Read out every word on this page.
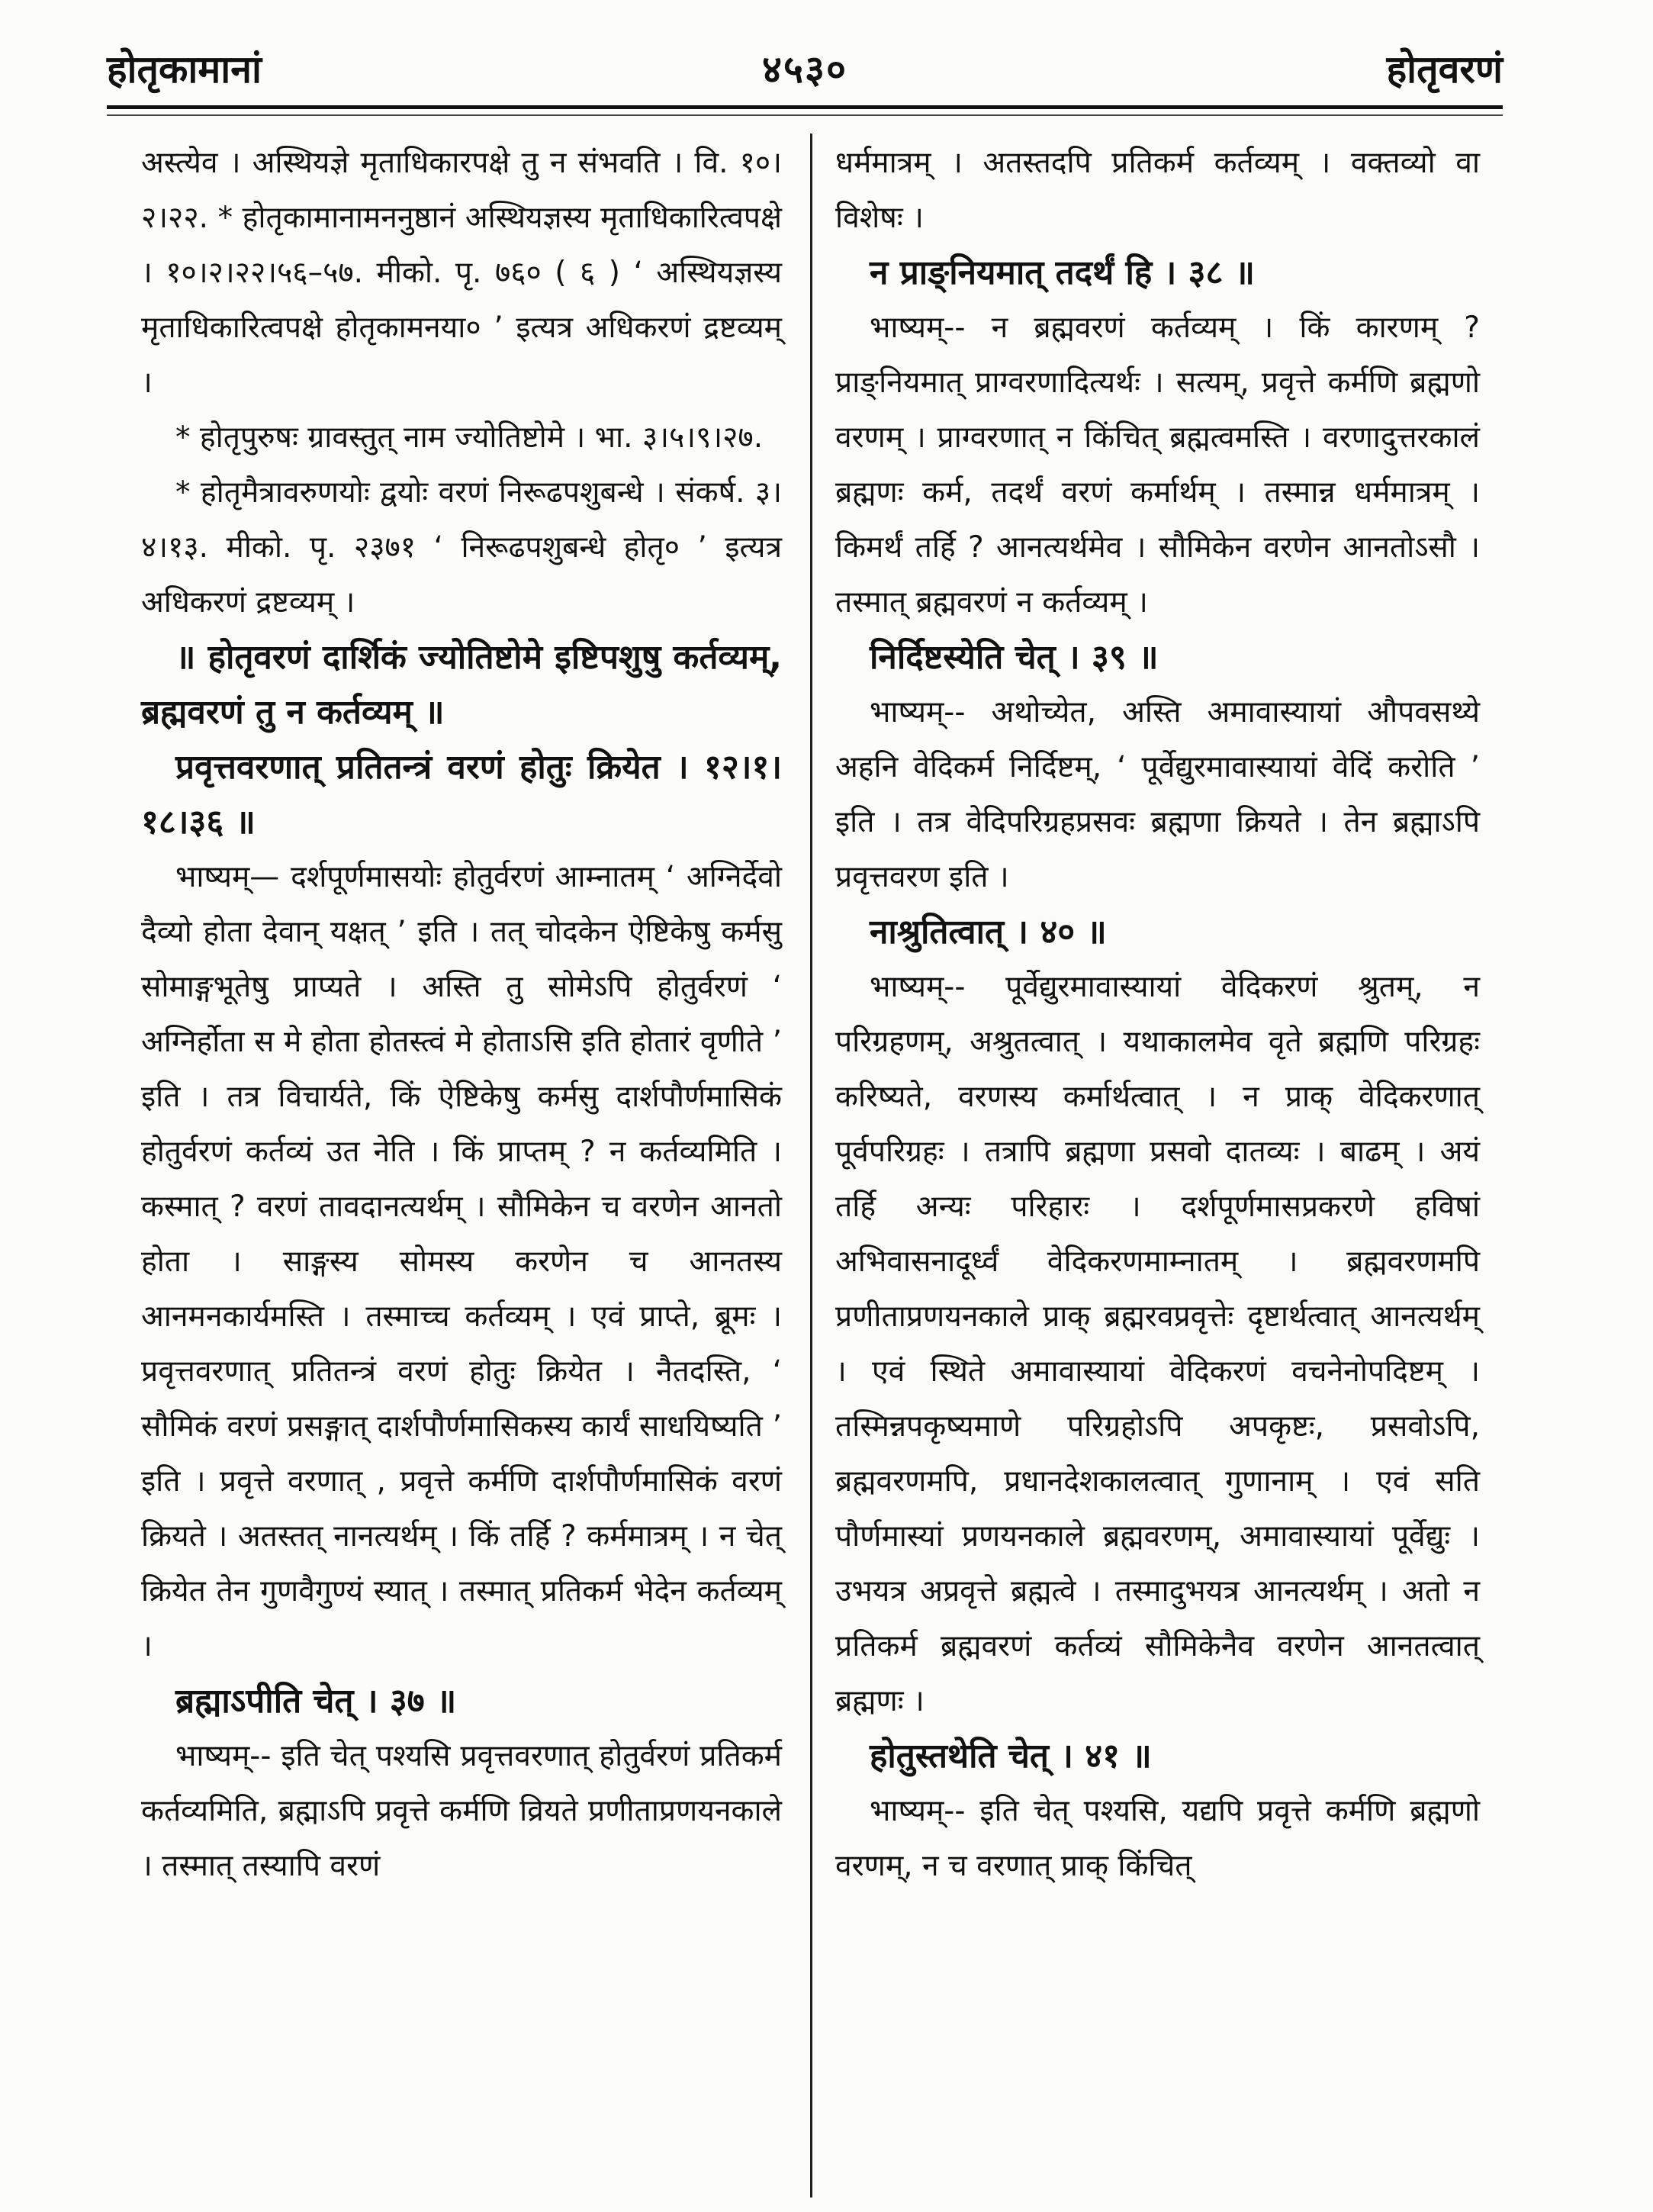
होतृकामानां	४५३०	होतृवरणं

अस्त्येव । अस्थियज्ञे मृताधिकारपक्षे तु न संभवति । वि. १०।२।२२. * होतृकामानामननुष्ठानं अस्थियज्ञस्य मृताधिकारित्वपक्षे । १०।२।२२।५६–५७. मीको. पृ. ७६० ( ६ ) ‘ अस्थियज्ञस्य मृताधिकारित्वपक्षे होतृकामनया० ’ इत्यत्र अधिकरणं द्रष्टव्यम् ।

* होतृपुरुषः ग्रावस्तुत् नाम ज्योतिष्टोमे । भा. ३।५।९।२७.

* होतृमैत्रावरुणयोः द्वयोः वरणं निरूढपशुबन्धे । संकर्ष. ३।४।१३. मीको. पृ. २३७१ ‘ निरूढपशुबन्धे होतृ० ’ इत्यत्र अधिकरणं द्रष्टव्यम् ।

॥ होतृवरणं दार्शिकं ज्योतिष्टोमे इष्टिपशुषु कर्तव्यम्, ब्रह्मवरणं तु न कर्तव्यम् ॥

प्रवृत्तवरणात् प्रतितन्त्रं वरणं होतुः क्रियेत । १२।१।१८।३६ ॥

भाष्यम्— दर्शपूर्णमासयोः होतुर्वरणं आम्नातम् ‘ अग्निर्देवो दैव्यो होता देवान् यक्षत् ’ इति । तत् चोदकेन ऐष्टिकेषु कर्मसु सोमाङ्गभूतेषु प्राप्यते । अस्ति तु सोमेऽपि होतुर्वरणं ‘ अग्निर्होता स मे होता होतस्त्वं मे होताऽसि इति होतारं वृणीते ’ इति । तत्र विचार्यते, किं ऐष्टिकेषु कर्मसु दार्शपौर्णमासिकं होतुर्वरणं कर्तव्यं उत नेति । किं प्राप्तम् ? न कर्तव्यमिति । कस्मात् ? वरणं तावदानत्यर्थम् । सौमिकेन च वरणेन आनतो होता । साङ्गस्य सोमस्य करणेन च आनतस्य आनमनकार्यमस्ति । तस्माच्च कर्तव्यम् । एवं प्राप्ते, ब्रूमः । प्रवृत्तवरणात् प्रतितन्त्रं वरणं होतुः क्रियेत । नैतदस्ति, ‘ सौमिकं वरणं प्रसङ्गात् दार्शपौर्णमासिकस्य कार्यं साधयिष्यति ’ इति । प्रवृत्ते वरणात् , प्रवृत्ते कर्मणि दार्शपौर्णमासिकं वरणं क्रियते । अतस्तत् नानत्यर्थम् । किं तर्हि ? कर्ममात्रम् । न चेत् क्रियेत तेन गुणवैगुण्यं स्यात् । तस्मात् प्रतिकर्म भेदेन कर्तव्यम् ।

ब्रह्माऽपीति चेत् । ३७ ॥

भाष्यम्-- इति चेत् पश्यसि प्रवृत्तवरणात् होतुर्वरणं प्रतिकर्म कर्तव्यमिति, ब्रह्माऽपि प्रवृत्ते कर्मणि व्रियते प्रणीताप्रणयनकाले । तस्मात् तस्यापि वरणं

धर्ममात्रम् । अतस्तदपि प्रतिकर्म कर्तव्यम् । वक्तव्यो वा विशेषः ।

न प्राङ्नियमात् तदर्थं हि । ३८ ॥

भाष्यम्-- न ब्रह्मवरणं कर्तव्यम् । किं कारणम् ? प्राङ्नियमात् प्राग्वरणादित्यर्थः । सत्यम्, प्रवृत्ते कर्मणि ब्रह्मणो वरणम् । प्राग्वरणात् न किंचित् ब्रह्मत्वमस्ति । वरणादुत्तरकालं ब्रह्मणः कर्म, तदर्थं वरणं कर्मार्थम् । तस्मान्न धर्ममात्रम् । किमर्थं तर्हि ? आनत्यर्थमेव । सौमिकेन वरणेन आनतोऽसौ । तस्मात् ब्रह्मवरणं न कर्तव्यम् ।

निर्दिष्टस्येति चेत् । ३९ ॥

भाष्यम्-- अथोच्येत, अस्ति अमावास्यायां औपवसथ्ये अहनि वेदिकर्म निर्दिष्टम्, ‘ पूर्वेद्युरमावास्यायां वेदिं करोति ’ इति । तत्र वेदिपरिग्रहप्रसवः ब्रह्मणा क्रियते । तेन ब्रह्माऽपि प्रवृत्तवरण इति ।

नाश्रुतित्वात् । ४० ॥

भाष्यम्-- पूर्वेद्युरमावास्यायां वेदिकरणं श्रुतम्, न परिग्रहणम्, अश्रुतत्वात् । यथाकालमेव वृते ब्रह्मणि परिग्रहः करिष्यते, वरणस्य कर्मार्थत्वात् । न प्राक् वेदिकरणात् पूर्वपरिग्रहः । तत्रापि ब्रह्मणा प्रसवो दातव्यः । बाढम् । अयं तर्हि अन्यः परिहारः । दर्शपूर्णमासप्रकरणे हविषां अभिवासनादूर्ध्वं वेदिकरणमाम्नातम् । ब्रह्मवरणमपि प्रणीताप्रणयनकाले प्राक् ब्रह्मरवप्रवृत्तेः दृष्टार्थत्वात् आनत्यर्थम् । एवं स्थिते अमावास्यायां वेदिकरणं वचनेनोपदिष्टम् । तस्मिन्नपकृष्यमाणे परिग्रहोऽपि अपकृष्टः, प्रसवोऽपि, ब्रह्मवरणमपि, प्रधानदेशकालत्वात् गुणानाम् । एवं सति पौर्णमास्यां प्रणयनकाले ब्रह्मवरणम्, अमावास्यायां पूर्वेद्युः । उभयत्र अप्रवृत्ते ब्रह्मत्वे । तस्मादुभयत्र आनत्यर्थम् । अतो न प्रतिकर्म ब्रह्मवरणं कर्तव्यं सौमिकेनैव वरणेन आनतत्वात् ब्रह्मणः ।

होतुस्तथेति चेत् । ४१ ॥

भाष्यम्-- इति चेत् पश्यसि, यद्यपि प्रवृत्ते कर्मणि ब्रह्मणो वरणम्, न च वरणात् प्राक् किंचित्
